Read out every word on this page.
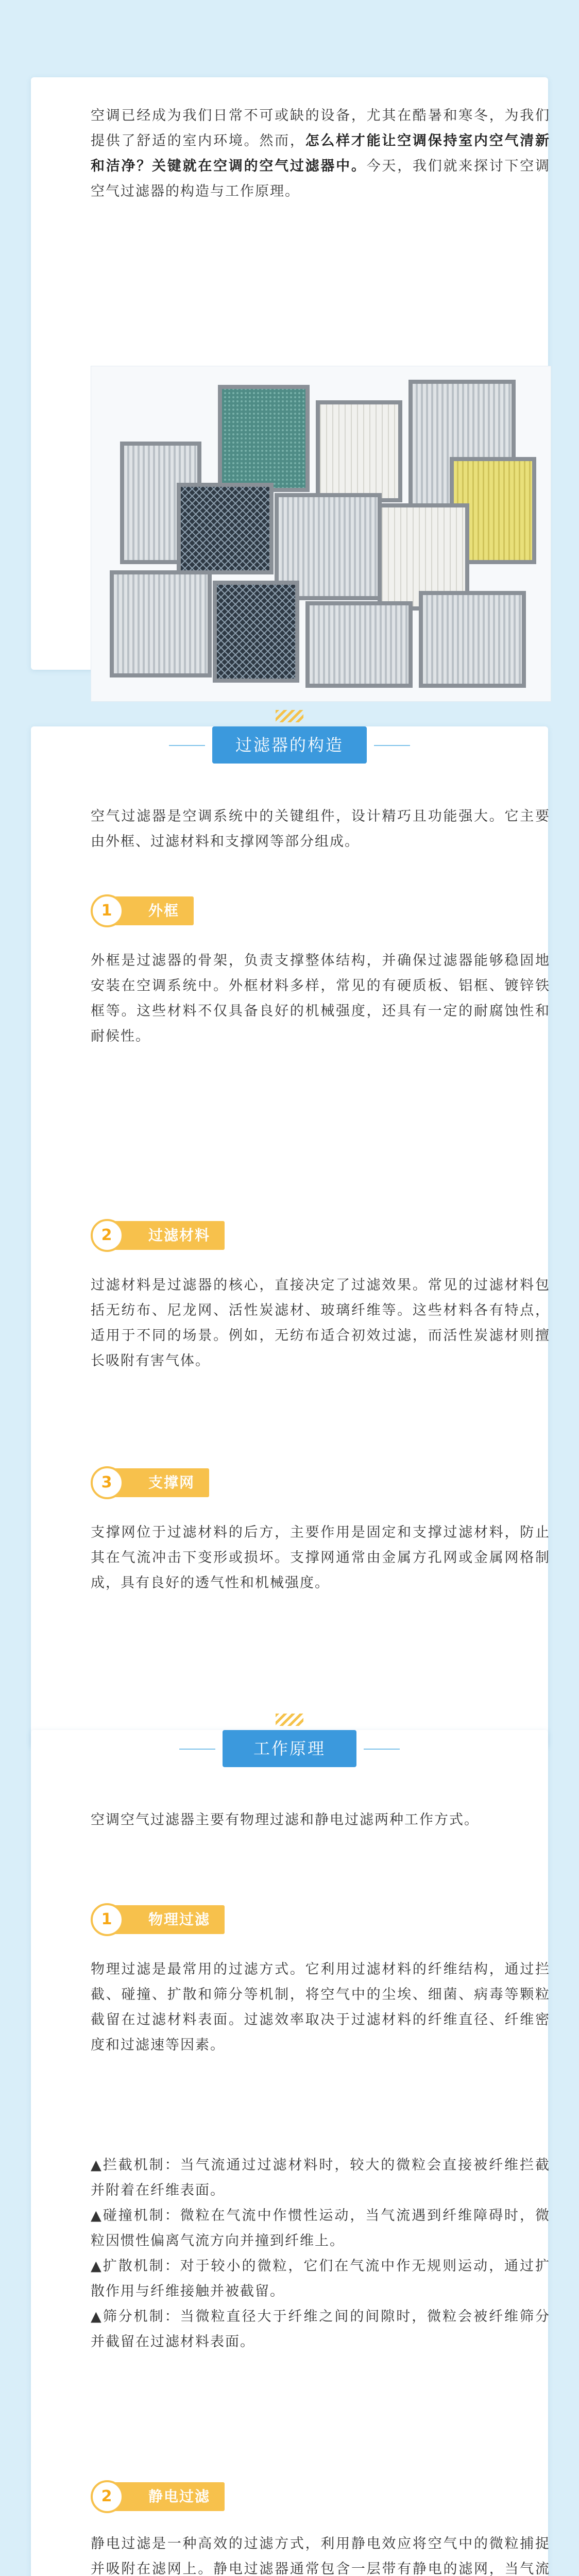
空调已经成为我们日常不可或缺的设备，尤其在酷暑和寒冬，为我们提供了舒适的室内环境。然而，怎么样才能让空调保持室内空气清新和洁净？关键就在空调的空气过滤器中。今天，我们就来探讨下空调空气过滤器的构造与工作原理。
过滤器的构造
空气过滤器是空调系统中的关键组件，设计精巧且功能强大。它主要由外框、过滤材料和支撑网等部分组成。
1	外框
外框是过滤器的骨架，负责支撑整体结构，并确保过滤器能够稳固地安装在空调系统中。外框材料多样，常见的有硬质板、铝框、镀锌铁框等。这些材料不仅具备良好的机械强度，还具有一定的耐腐蚀性和耐候性。
2	过滤材料
过滤材料是过滤器的核心，直接决定了过滤效果。常见的过滤材料包括无纺布、尼龙网、活性炭滤材、玻璃纤维等。这些材料各有特点，适用于不同的场景。例如，无纺布适合初效过滤，而活性炭滤材则擅长吸附有害气体。
3	支撑网
支撑网位于过滤材料的后方，主要作用是固定和支撑过滤材料，防止其在气流冲击下变形或损坏。支撑网通常由金属方孔网或金属网格制成，具有良好的透气性和机械强度。
工作原理
空调空气过滤器主要有物理过滤和静电过滤两种工作方式。
1	物理过滤
物理过滤是最常用的过滤方式。它利用过滤材料的纤维结构，通过拦截、碰撞、扩散和筛分等机制，将空气中的尘埃、细菌、病毒等颗粒截留在过滤材料表面。过滤效率取决于过滤材料的纤维直径、纤维密度和过滤速等因素。
▲拦截机制：当气流通过过滤材料时，较大的微粒会直接被纤维拦截并附着在纤维表面。
▲碰撞机制：微粒在气流中作惯性运动，当气流遇到纤维障碍时，微粒因惯性偏离气流方向并撞到纤维上。
▲扩散机制：对于较小的微粒，它们在气流中作无规则运动，通过扩散作用与纤维接触并被截留。
▲筛分机制：当微粒直径大于纤维之间的间隙时，微粒会被纤维筛分并截留在过滤材料表面。
2	静电过滤
静电过滤是一种高效的过滤方式，利用静电效应将空气中的微粒捕捉并吸附在滤网上。静电过滤器通常包含一层带有静电的滤网，当气流
